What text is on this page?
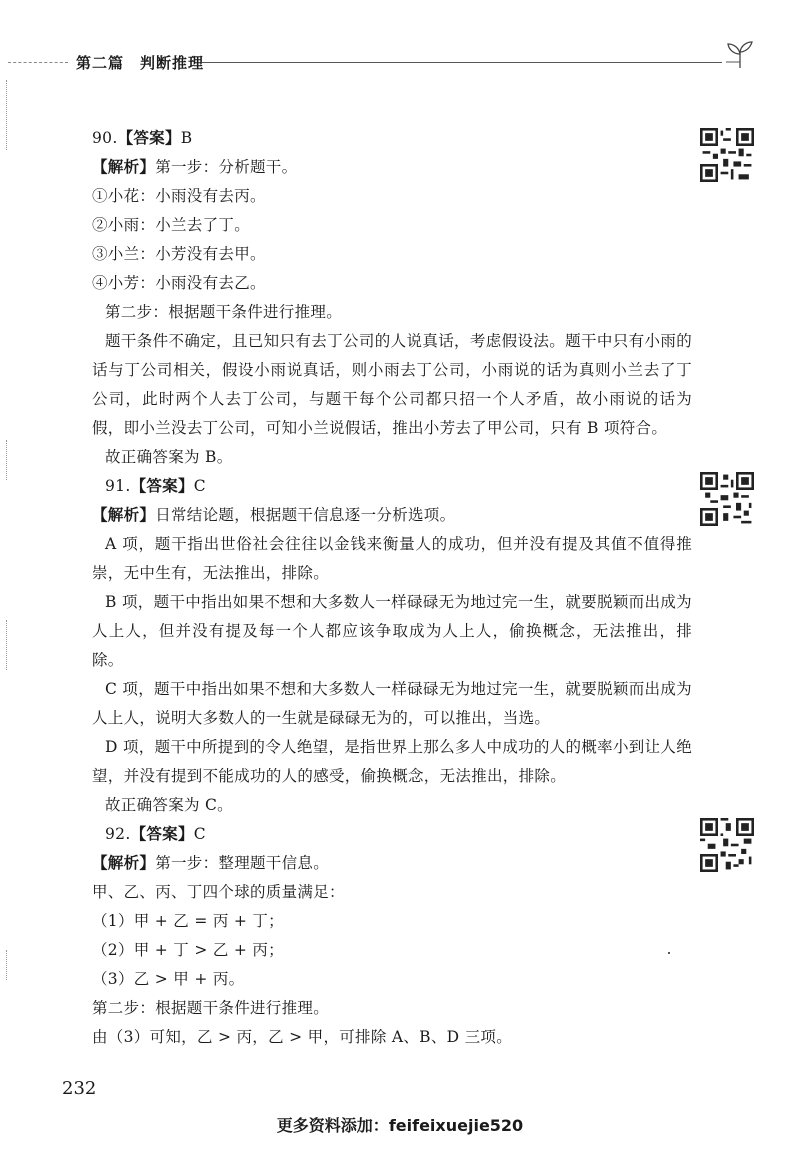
第二篇　判断推理
90.【答案】B
【解析】第一步：分析题干。
①小花：小雨没有去丙。
②小雨：小兰去了丁。
③小兰：小芳没有去甲。
④小芳：小雨没有去乙。
第二步：根据题干条件进行推理。
题干条件不确定，且已知只有去丁公司的人说真话，考虑假设法。题干中只有小雨的话与丁公司相关，假设小雨说真话，则小雨去丁公司，小雨说的话为真则小兰去了丁公司，此时两个人去丁公司，与题干每个公司都只招一个人矛盾，故小雨说的话为假，即小兰没去丁公司，可知小兰说假话，推出小芳去了甲公司，只有 B 项符合。
故正确答案为 B。
91.【答案】C
【解析】日常结论题，根据题干信息逐一分析选项。
A 项，题干指出世俗社会往往以金钱来衡量人的成功，但并没有提及其值不值得推崇，无中生有，无法推出，排除。
B 项，题干中指出如果不想和大多数人一样碌碌无为地过完一生，就要脱颖而出成为人上人，但并没有提及每一个人都应该争取成为人上人，偷换概念，无法推出，排除。
C 项，题干中指出如果不想和大多数人一样碌碌无为地过完一生，就要脱颖而出成为人上人，说明大多数人的一生就是碌碌无为的，可以推出，当选。
D 项，题干中所提到的令人绝望，是指世界上那么多人中成功的人的概率小到让人绝望，并没有提到不能成功的人的感受，偷换概念，无法推出，排除。
故正确答案为 C。
92.【答案】C
【解析】第一步：整理题干信息。
甲、乙、丙、丁四个球的质量满足：
（1）甲 + 乙 = 丙 + 丁；
（2）甲 + 丁 > 乙 + 丙；
（3）乙 > 甲 + 丙。
第二步：根据题干条件进行推理。
由（3）可知，乙 > 丙，乙 > 甲，可排除 A、B、D 三项。
232
更多资料添加：feifeixuejie520
